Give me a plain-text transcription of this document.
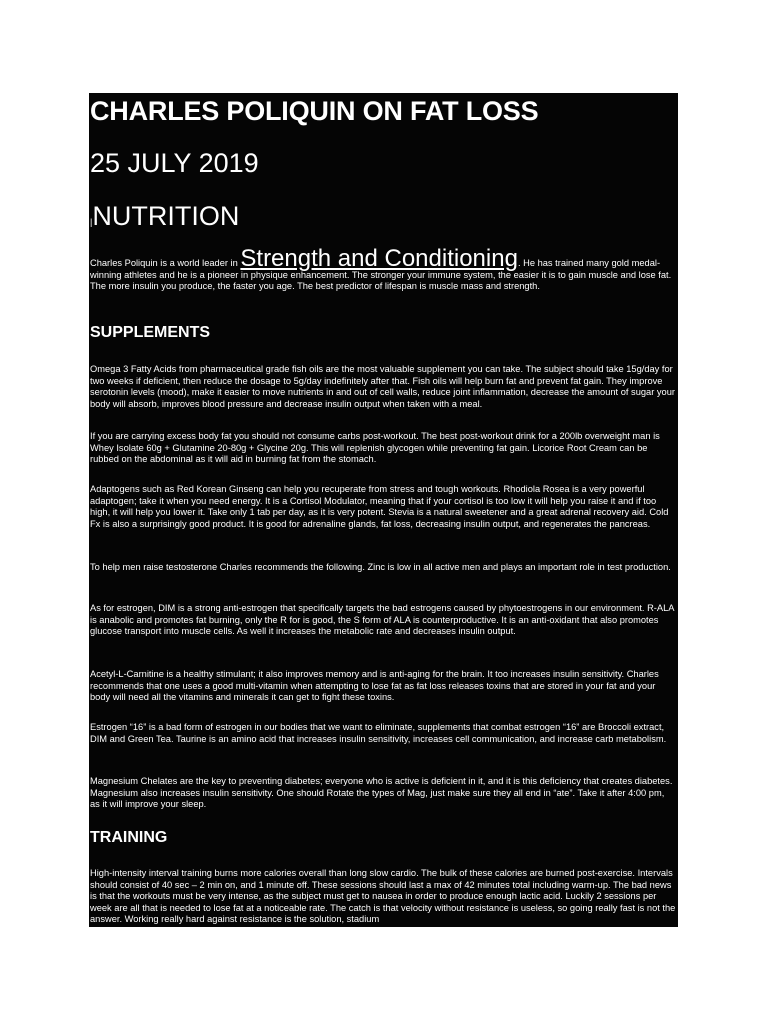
CHARLES POLIQUIN ON FAT LOSS
25 JULY 2019
|NUTRITION

Charles Poliquin is a world leader in Strength and Conditioning. He has trained many gold medal-winning athletes and he is a pioneer in physique enhancement. The stronger your immune system, the easier it is to gain muscle and lose fat. The more insulin you produce, the faster you age. The best predictor of lifespan is muscle mass and strength.

SUPPLEMENTS

Omega 3 Fatty Acids from pharmaceutical grade fish oils are the most valuable supplement you can take. The subject should take 15g/day for two weeks if deficient, then reduce the dosage to 5g/day indefinitely after that. Fish oils will help burn fat and prevent fat gain. They improve serotonin levels (mood), make it easier to move nutrients in and out of cell walls, reduce joint inflammation, decrease the amount of sugar your body will absorb, improves blood pressure and decrease insulin output when taken with a meal.

If you are carrying excess body fat you should not consume carbs post-workout. The best post-workout drink for a 200lb overweight man is Whey Isolate 60g + Glutamine 20-80g + Glycine 20g. This will replenish glycogen while preventing fat gain. Licorice Root Cream can be rubbed on the abdominal as it will aid in burning fat from the stomach.

Adaptogens such as Red Korean Ginseng can help you recuperate from stress and tough workouts. Rhodiola Rosea is a very powerful adaptogen; take it when you need energy. It is a Cortisol Modulator, meaning that if your cortisol is too low it will help you raise it and if too high, it will help you lower it. Take only 1 tab per day, as it is very potent. Stevia is a natural sweetener and a great adrenal recovery aid. Cold Fx is also a surprisingly good product. It is good for adrenaline glands, fat loss, decreasing insulin output, and regenerates the pancreas.

To help men raise testosterone Charles recommends the following. Zinc is low in all active men and plays an important role in test production.

As for estrogen, DIM is a strong anti-estrogen that specifically targets the bad estrogens caused by phytoestrogens in our environment. R-ALA is anabolic and promotes fat burning, only the R for is good, the S form of ALA is counterproductive. It is an anti-oxidant that also promotes glucose transport into muscle cells. As well it increases the metabolic rate and decreases insulin output.

Acetyl-L-Carnitine is a healthy stimulant; it also improves memory and is anti-aging for the brain. It too increases insulin sensitivity. Charles recommends that one uses a good multi-vitamin when attempting to lose fat as fat loss releases toxins that are stored in your fat and your body will need all the vitamins and minerals it can get to fight these toxins.

Estrogen “16” is a bad form of estrogen in our bodies that we want to eliminate, supplements that combat estrogen “16” are Broccoli extract, DIM and Green Tea. Taurine is an amino acid that increases insulin sensitivity, increases cell communication, and increase carb metabolism.

Magnesium Chelates are the key to preventing diabetes; everyone who is active is deficient in it, and it is this deficiency that creates diabetes. Magnesium also increases insulin sensitivity. One should Rotate the types of Mag, just make sure they all end in “ate”. Take it after 4:00 pm, as it will improve your sleep.

TRAINING

High-intensity interval training burns more calories overall than long slow cardio. The bulk of these calories are burned post-exercise. Intervals should consist of 40 sec – 2 min on, and 1 minute off. These sessions should last a max of 42 minutes total including warm-up. The bad news is that the workouts must be very intense, as the subject must get to nausea in order to produce enough lactic acid. Luckily 2 sessions per week are all that is needed to lose fat at a noticeable rate. The catch is that velocity without resistance is useless, so going really fast is not the answer. Working really hard against resistance is the solution, stadium
